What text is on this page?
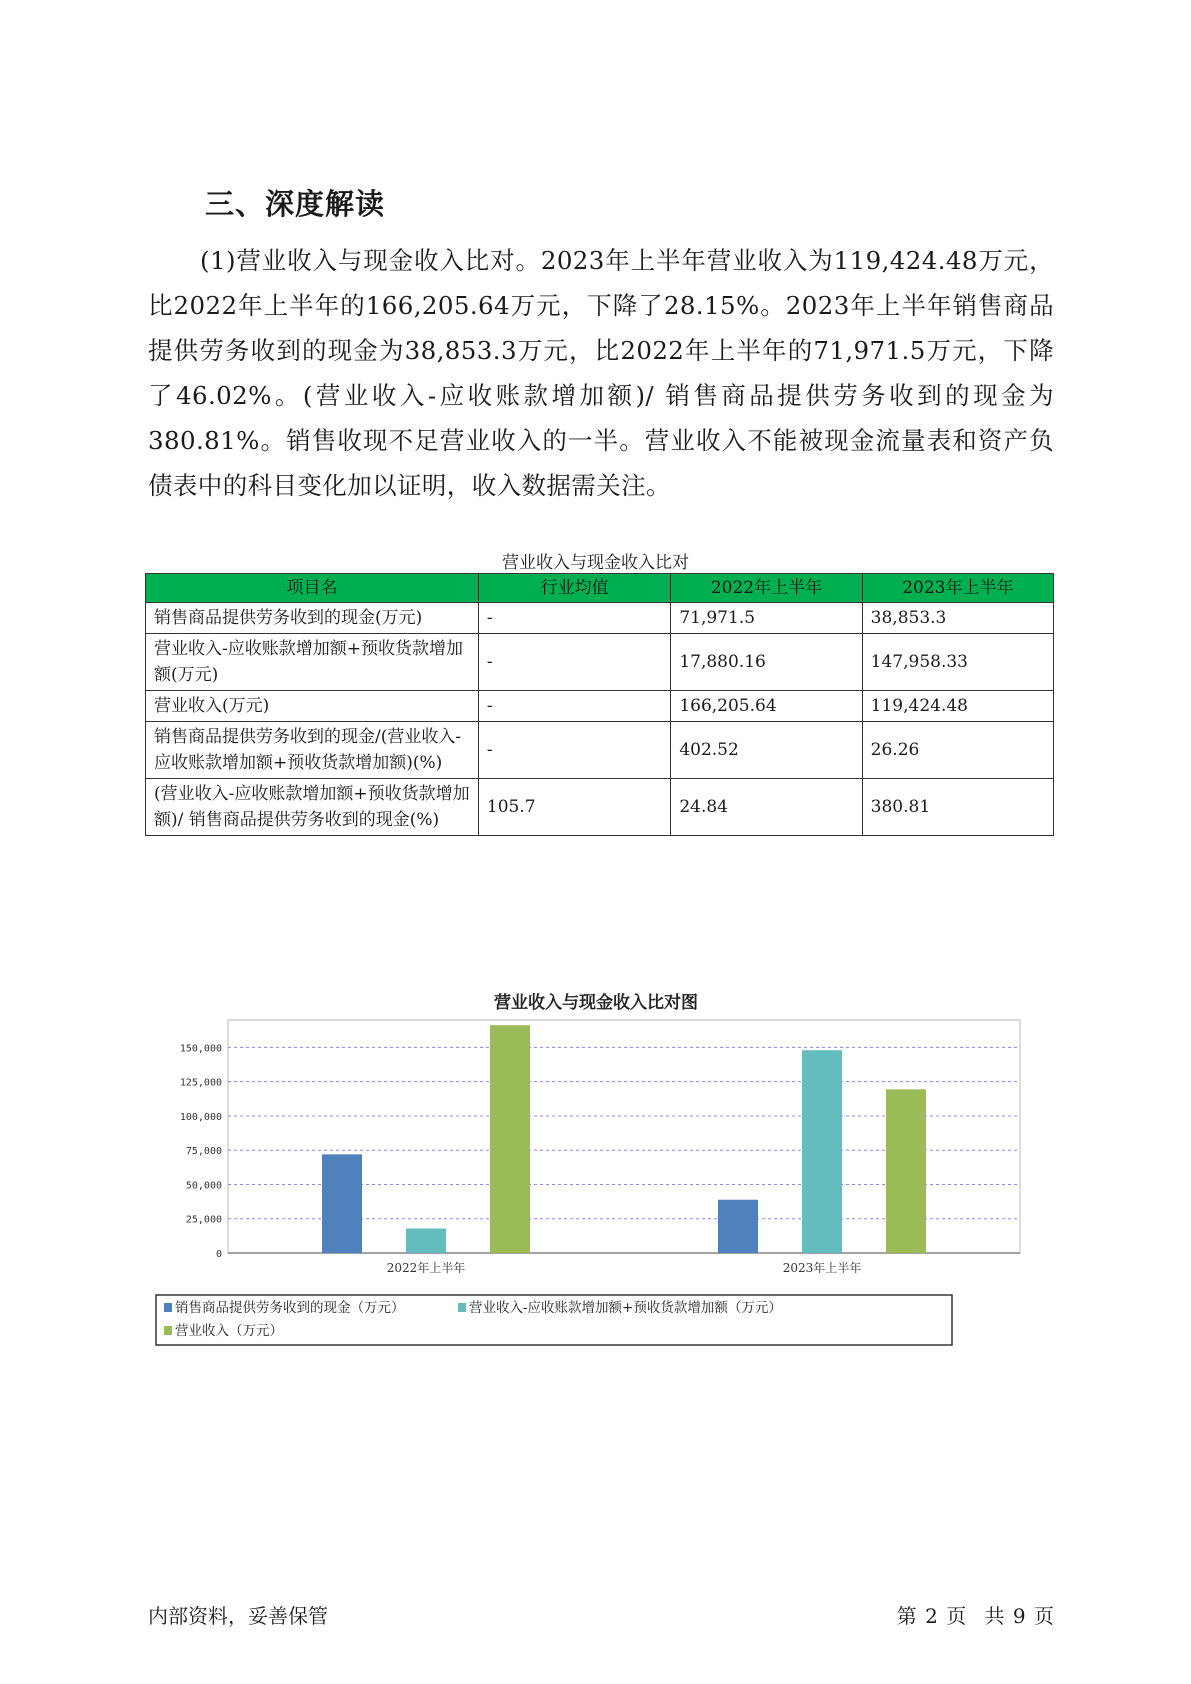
三、深度解读

(1)营业收入与现金收入比对。2023年上半年营业收入为119,424.48万元，比2022年上半年的166,205.64万元，下降了28.15%。2023年上半年销售商品提供劳务收到的现金为38,853.3万元，比2022年上半年的71,971.5万元，下降了46.02%。(营业收入-应收账款增加额)/ 销售商品提供劳务收到的现金为380.81%。销售收现不足营业收入的一半。营业收入不能被现金流量表和资产负债表中的科目变化加以证明，收入数据需关注。

营业收入与现金收入比对
项目名	行业均值	2022年上半年	2023年上半年
销售商品提供劳务收到的现金(万元)	-	71,971.5	38,853.3
营业收入-应收账款增加额+预收货款增加额(万元)	-	17,880.16	147,958.33
营业收入(万元)	-	166,205.64	119,424.48
销售商品提供劳务收到的现金/(营业收入-应收账款增加额+预收货款增加额)(%)	-	402.52	26.26
(营业收入-应收账款增加额+预收货款增加额)/ 销售商品提供劳务收到的现金(%)	105.7	24.84	380.81
营业收入与现金收入比对图
0
25,000
50,000
75,000
100,000
125,000
150,000
2022年上半年	2023年上半年
销售商品提供劳务收到的现金（万元）	营业收入-应收账款增加额+预收货款增加额（万元）
营业收入（万元）
内部资料，妥善保管	第 2 页 共 9 页
